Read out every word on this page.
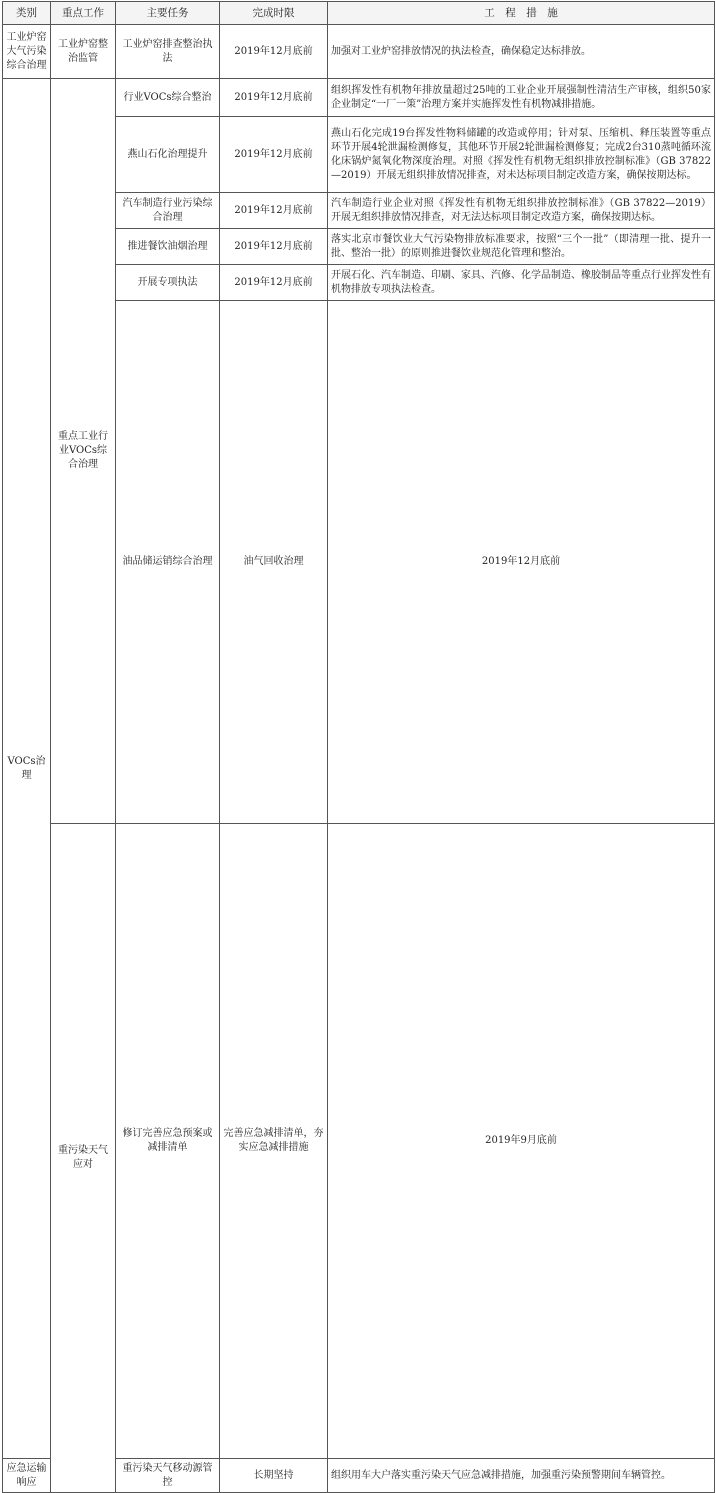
类别	重点工作	主要任务	完成时限	工　程　措　施	
工业炉窑大气污染综合治理	工业炉窑整治监管	工业炉窑排查整治执法	2019年12月底前	加强对工业炉窑排放情况的执法检查，确保稳定达标排放。	
VOCs治理	重点工业行业VOCs综合治理	行业VOCs综合整治	2019年12月底前	组织挥发性有机物年排放量超过25吨的工业企业开展强制性清洁生产审核，组织50家企业制定“一厂一策”治理方案并实施挥发性有机物减排措施。	
		燕山石化治理提升	2019年12月底前	燕山石化完成19台挥发性物料储罐的改造或停用；针对泵、压缩机、释压装置等重点环节开展4轮泄漏检测修复，其他环节开展2轮泄漏检测修复；完成2台310蒸吨循环流化床锅炉氮氧化物深度治理。对照《挥发性有机物无组织排放控制标准》（GB 37822—2019）开展无组织排放情况排查，对未达标项目制定改造方案，确保按期达标。	
		汽车制造行业污染综合治理	2019年12月底前	汽车制造行业企业对照《挥发性有机物无组织排放控制标准》（GB 37822—2019）开展无组织排放情况排查，对无法达标项目制定改造方案，确保按期达标。	
		推进餐饮油烟治理	2019年12月底前	落实北京市餐饮业大气污染物排放标准要求，按照“三个一批”（即清理一批、提升一批、整治一批）的原则推进餐饮业规范化管理和整治。	
		开展专项执法	2019年12月底前	开展石化、汽车制造、印刷、家具、汽修、化学品制造、橡胶制品等重点行业挥发性有机物排放专项执法检查。	
		油品储运销综合治理	油气回收治理	2019年12月底前	
	重污染天气应对	修订完善应急预案或减排清单	完善应急减排清单，夯实应急减排措施	2019年9月底前	
应急运输响应		重污染天气移动源管控	长期坚持	组织用车大户落实重污染天气应急减排措施，加强重污染预警期间车辆管控。	
